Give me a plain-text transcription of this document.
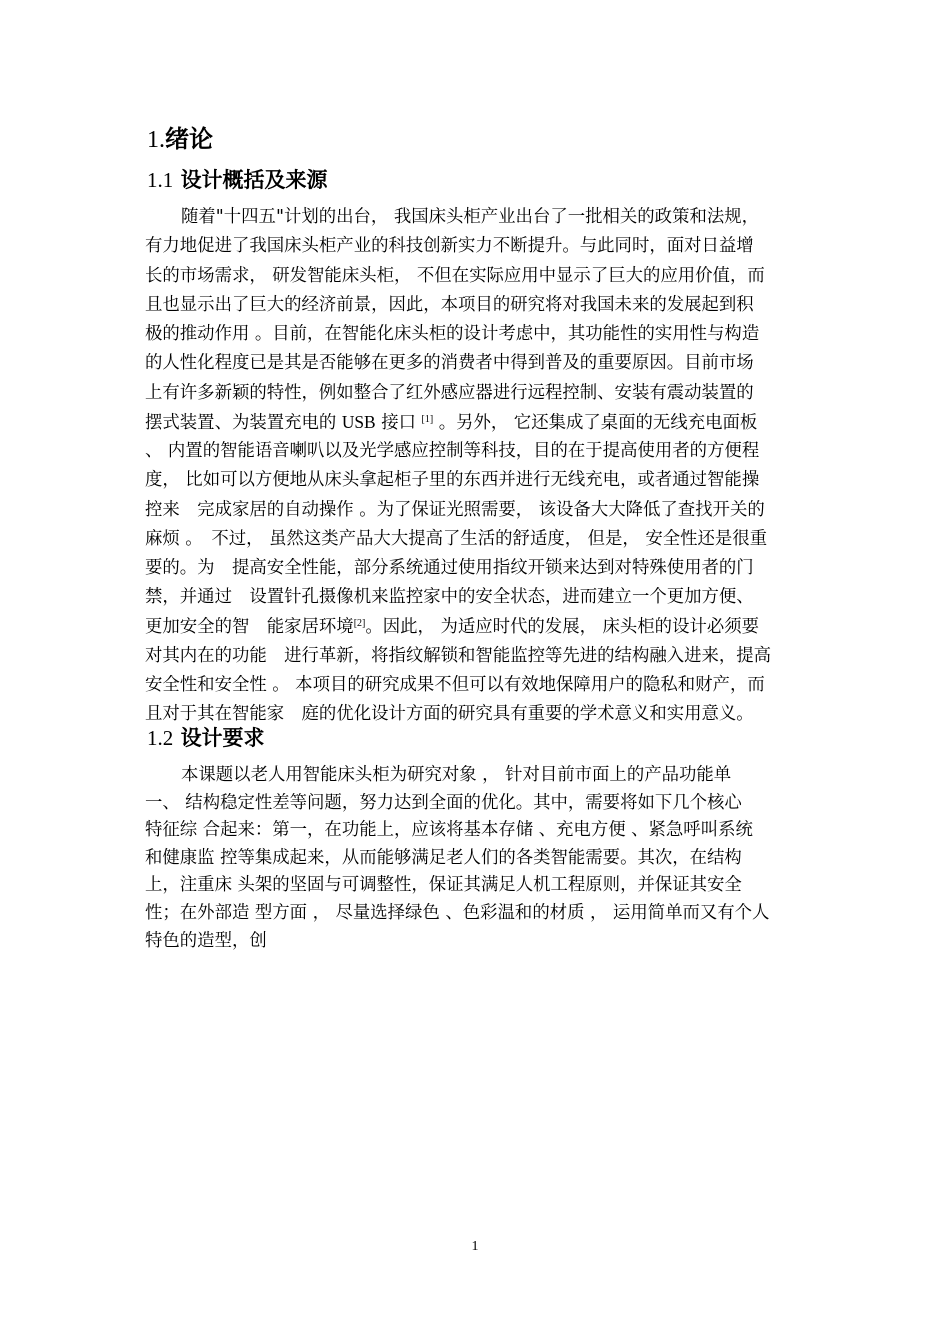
1.绪论
1.1 设计概括及来源
随着"十四五"计划的出台， 我国床头柜产业出台了一批相关的政策和法规，
有力地促进了我国床头柜产业的科技创新实力不断提升。与此同时，面对日益增
长的市场需求， 研发智能床头柜， 不但在实际应用中显示了巨大的应用价值，而
且也显示出了巨大的经济前景，因此，本项目的研究将对我国未来的发展起到积
极的推动作用 。目前，在智能化床头柜的设计考虑中，其功能性的实用性与构造
的人性化程度已是其是否能够在更多的消费者中得到普及的重要原因。目前市场
上有许多新颖的特性，例如整合了红外感应器进行远程控制、安装有震动装置的
摆式装置、为装置充电的 USB 接口 [1] 。另外， 它还集成了桌面的无线充电面板
、 内置的智能语音喇叭以及光学感应控制等科技，目的在于提高使用者的方便程
度， 比如可以方便地从床头拿起柜子里的东西并进行无线充电，或者通过智能操
控来　完成家居的自动操作 。为了保证光照需要， 该设备大大降低了查找开关的
麻烦 。　不过， 虽然这类产品大大提高了生活的舒适度， 但是， 安全性还是很重
要的。为　提高安全性能，部分系统通过使用指纹开锁来达到对特殊使用者的门
禁，并通过　设置针孔摄像机来监控家中的安全状态，进而建立一个更加方便、
更加安全的智　能家居环境[2]。因此， 为适应时代的发展， 床头柜的设计必须要
对其内在的功能　进行革新，将指纹解锁和智能监控等先进的结构融入进来，提高
安全性和安全性 。 本项目的研究成果不但可以有效地保障用户的隐私和财产，而
且对于其在智能家　庭的优化设计方面的研究具有重要的学术意义和实用意义。
1.2 设计要求
本课题以老人用智能床头柜为研究对象 ， 针对目前市面上的产品功能单
一、 结构稳定性差等问题，努力达到全面的优化。其中，需要将如下几个核心
特征综 合起来：第一，在功能上，应该将基本存储 、充电方便 、紧急呼叫系统
和健康监 控等集成起来，从而能够满足老人们的各类智能需要。其次，在结构
上，注重床 头架的坚固与可调整性，保证其满足人机工程原则，并保证其安全
性；在外部造 型方面 ， 尽量选择绿色 、色彩温和的材质 ， 运用简单而又有个人
特色的造型，创
1
